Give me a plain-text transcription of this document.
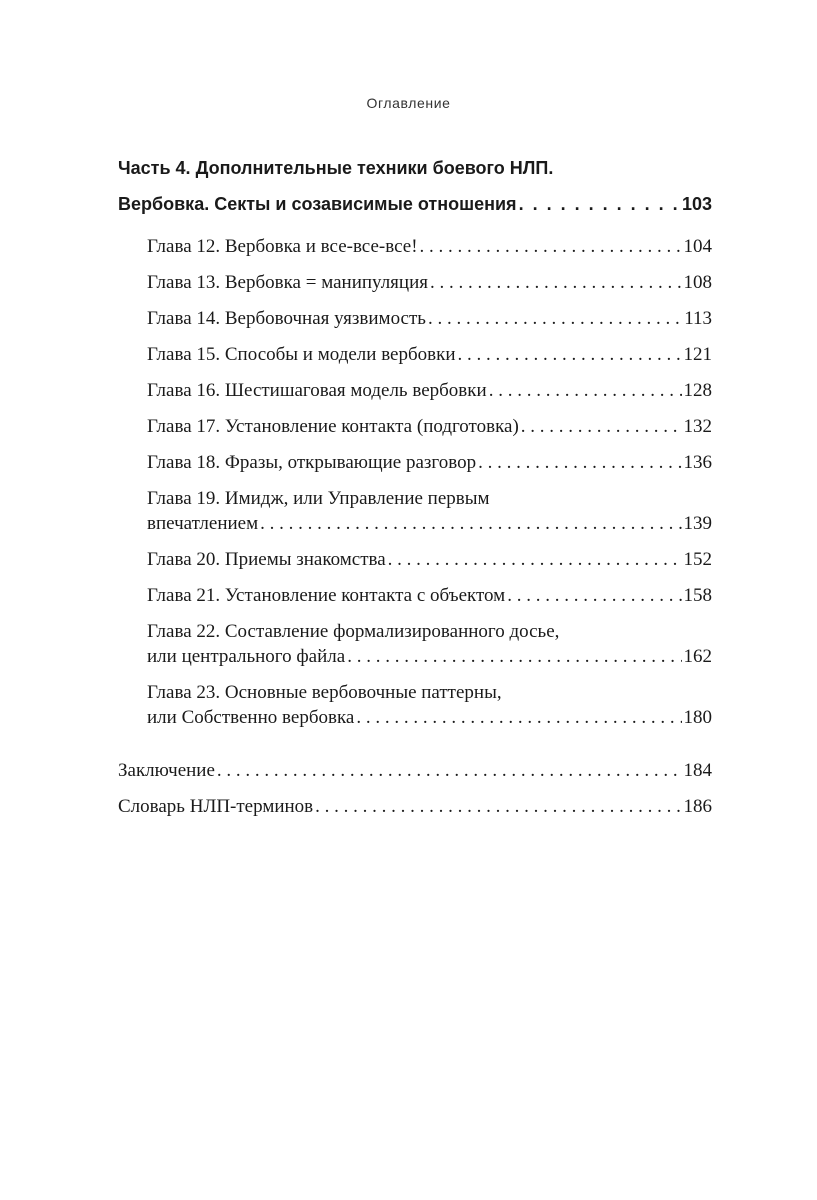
Оглавление
Часть 4. Дополнительные техники боевого НЛП.
Вербовка. Секты и созависимые отношения . . .	103
Глава 12. Вербовка и все-все-все! . . .	104
Глава 13. Вербовка = манипуляция . . .	108
Глава 14. Вербовочная уязвимость . . .	113
Глава 15. Способы и модели вербовки . . .	121
Глава 16. Шестишаговая модель вербовки . . .	128
Глава 17. Установление контакта (подготовка) . . .	132
Глава 18. Фразы, открывающие разговор . . .	136
Глава 19. Имидж, или Управление первым
впечатлением . . .	139
Глава 20. Приемы знакомства . . .	152
Глава 21. Установление контакта с объектом . . .	158
Глава 22. Составление формализированного досье,
или центрального файла . . .	162
Глава 23. Основные вербовочные паттерны,
или Собственно вербовка . . .	180
Заключение . . .	184
Словарь НЛП-терминов . . .	186
